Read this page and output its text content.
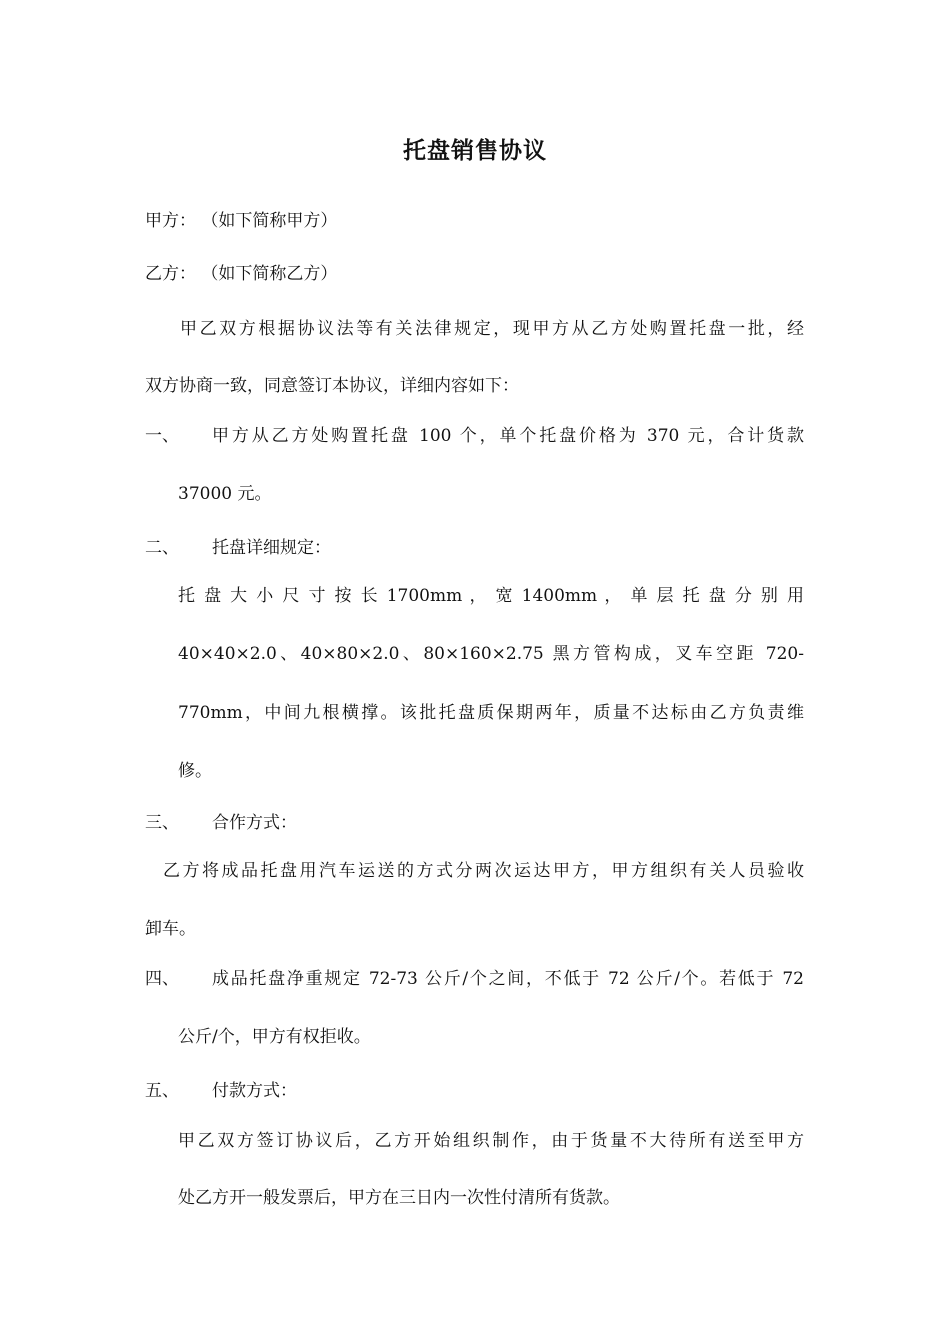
托盘销售协议
甲方： （如下简称甲方）
乙方： （如下简称乙方）
甲乙双方根据协议法等有关法律规定，现甲方从乙方处购置托盘一批，经
双方协商一致，同意签订本协议，详细内容如下：
一、 甲方从乙方处购置托盘 100 个，单个托盘价格为 370 元，合计货款
37000 元。
二、 托盘详细规定：
托 盘 大 小 尺 寸 按 长 1700mm ， 宽 1400mm ， 单 层 托 盘 分 别 用
40×40×2.0、40×80×2.0、80×160×2.75 黑方管构成，叉车空距 720-
770mm，中间九根横撑。该批托盘质保期两年，质量不达标由乙方负责维
修。
三、 合作方式：
乙方将成品托盘用汽车运送的方式分两次运达甲方，甲方组织有关人员验收
卸车。
四、 成品托盘净重规定 72-73 公斤/个之间，不低于 72 公斤/个。若低于 72
公斤/个，甲方有权拒收。
五、 付款方式：
甲乙双方签订协议后，乙方开始组织制作，由于货量不大待所有送至甲方
处乙方开一般发票后，甲方在三日内一次性付清所有货款。
